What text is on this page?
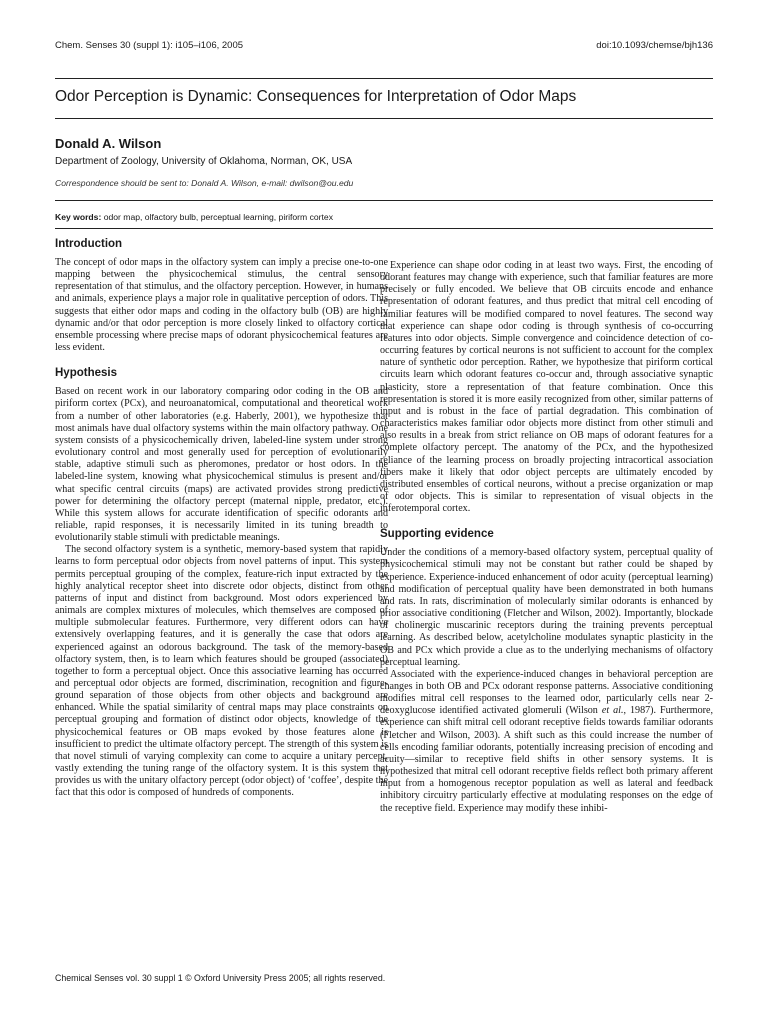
Chem. Senses 30 (suppl 1): i105–i106, 2005	doi:10.1093/chemse/bjh136
Odor Perception is Dynamic: Consequences for Interpretation of Odor Maps
Donald A. Wilson
Department of Zoology, University of Oklahoma, Norman, OK, USA
Correspondence should be sent to: Donald A. Wilson, e-mail: dwilson@ou.edu
Key words: odor map, olfactory bulb, perceptual learning, piriform cortex
Introduction

The concept of odor maps in the olfactory system can imply a precise one-to-one mapping between the physicochemical stimulus, the central sensory representation of that stimulus, and the olfactory perception. However, in humans and animals, experience plays a major role in qualitative perception of odors. This suggests that either odor maps and coding in the olfactory bulb (OB) are highly dynamic and/or that odor perception is more closely linked to olfactory cortical ensemble processing where precise maps of odorant physicochemical features are less evident.

Hypothesis

Based on recent work in our laboratory comparing odor coding in the OB and piriform cortex (PCx), and neuroanatomical, computational and theoretical work from a number of other laboratories (e.g. Haberly, 2001), we hypothesize that most animals have dual olfactory systems within the main olfactory pathway. One system consists of a physicochemically driven, labeled-line system under strong evolutionary control and most generally used for perception of evolutionarily stable, adaptive stimuli such as pheromones, predator or host odors. In the labeled-line system, knowing what physicochemical stimulus is present and/or what specific central circuits (maps) are activated provides strong predictive power for determining the olfactory percept (maternal nipple, predator, etc.). While this system allows for accurate identification of specific odorants and reliable, rapid responses, it is necessarily limited in its tuning breadth to evolutionarily stable stimuli with predictable meanings.

The second olfactory system is a synthetic, memory-based system that rapidly learns to form perceptual odor objects from novel patterns of input. This system permits perceptual grouping of the complex, feature-rich input extracted by the highly analytical receptor sheet into discrete odor objects, distinct from other patterns of input and distinct from background. Most odors experienced by animals are complex mixtures of molecules, which themselves are composed of multiple submolecular features. Furthermore, very different odors can have extensively overlapping features, and it is generally the case that odors are experienced against an odorous background. The task of the memory-based olfactory system, then, is to learn which features should be grouped (associated) together to form a perceptual object. Once this associative learning has occurred and perceptual odor objects are formed, discrimination, recognition and figure-ground separation of those objects from other objects and background are enhanced. While the spatial similarity of central maps may place constraints on perceptual grouping and formation of distinct odor objects, knowledge of the physicochemical features or OB maps evoked by those features alone is insufficient to predict the ultimate olfactory percept. The strength of this system is that novel stimuli of varying complexity can come to acquire a unitary percept, vastly extending the tuning range of the olfactory system. It is this system that provides us with the unitary olfactory percept (odor object) of ‘coffee’, despite the fact that this odor is composed of hundreds of components.

Experience can shape odor coding in at least two ways. First, the encoding of odorant features may change with experience, such that familiar features are more precisely or fully encoded. We believe that OB circuits encode and enhance representation of odorant features, and thus predict that mitral cell encoding of familiar features will be modified compared to novel features. The second way that experience can shape odor coding is through synthesis of co-occurring features into odor objects. Simple convergence and coincidence detection of co-occurring features by cortical neurons is not sufficient to account for the complex nature of synthetic odor perception. Rather, we hypothesize that piriform cortical circuits learn which odorant features co-occur and, through associative synaptic plasticity, store a representation of that feature combination. Once this representation is stored it is more easily recognized from other, similar patterns of input and is robust in the face of partial degradation. This combination of characteristics makes familiar odor objects more distinct from other stimuli and also results in a break from strict reliance on OB maps of odorant features for a complete olfactory percept. The anatomy of the PCx, and the hypothesized reliance of the learning process on broadly projecting intracortical association fibers make it likely that odor object percepts are ultimately encoded by distributed ensembles of cortical neurons, without a precise organization or map of odor objects. This is similar to representation of visual objects in the inferotemporal cortex.

Supporting evidence

Under the conditions of a memory-based olfactory system, perceptual quality of physicochemical stimuli may not be constant but rather could be shaped by experience. Experience-induced enhancement of odor acuity (perceptual learning) and modification of perceptual quality have been demonstrated in both humans and rats. In rats, discrimination of molecularly similar odorants is enhanced by prior associative conditioning (Fletcher and Wilson, 2002). Importantly, blockade of cholinergic muscarinic receptors during the training prevents perceptual learning. As described below, acetylcholine modulates synaptic plasticity in the OB and PCx which provide a clue as to the underlying mechanisms of olfactory perceptual learning.

Associated with the experience-induced changes in behavioral perception are changes in both OB and PCx odorant response patterns. Associative conditioning modifies mitral cell responses to the learned odor, particularly cells near 2-deoxyglucose identified activated glomeruli (Wilson et al., 1987). Furthermore, experience can shift mitral cell odorant receptive fields towards familiar odorants (Fletcher and Wilson, 2003). A shift such as this could increase the number of cells encoding familiar odorants, potentially increasing precision of encoding and acuity—similar to receptive field shifts in other sensory systems. It is hypothesized that mitral cell odorant receptive fields reflect both primary afferent input from a homogenous receptor population as well as lateral and feedback inhibitory circuitry particularly effective at modulating responses on the edge of the receptive field. Experience may modify these inhibi-

Chemical Senses vol. 30 suppl 1 © Oxford University Press 2005; all rights reserved.
